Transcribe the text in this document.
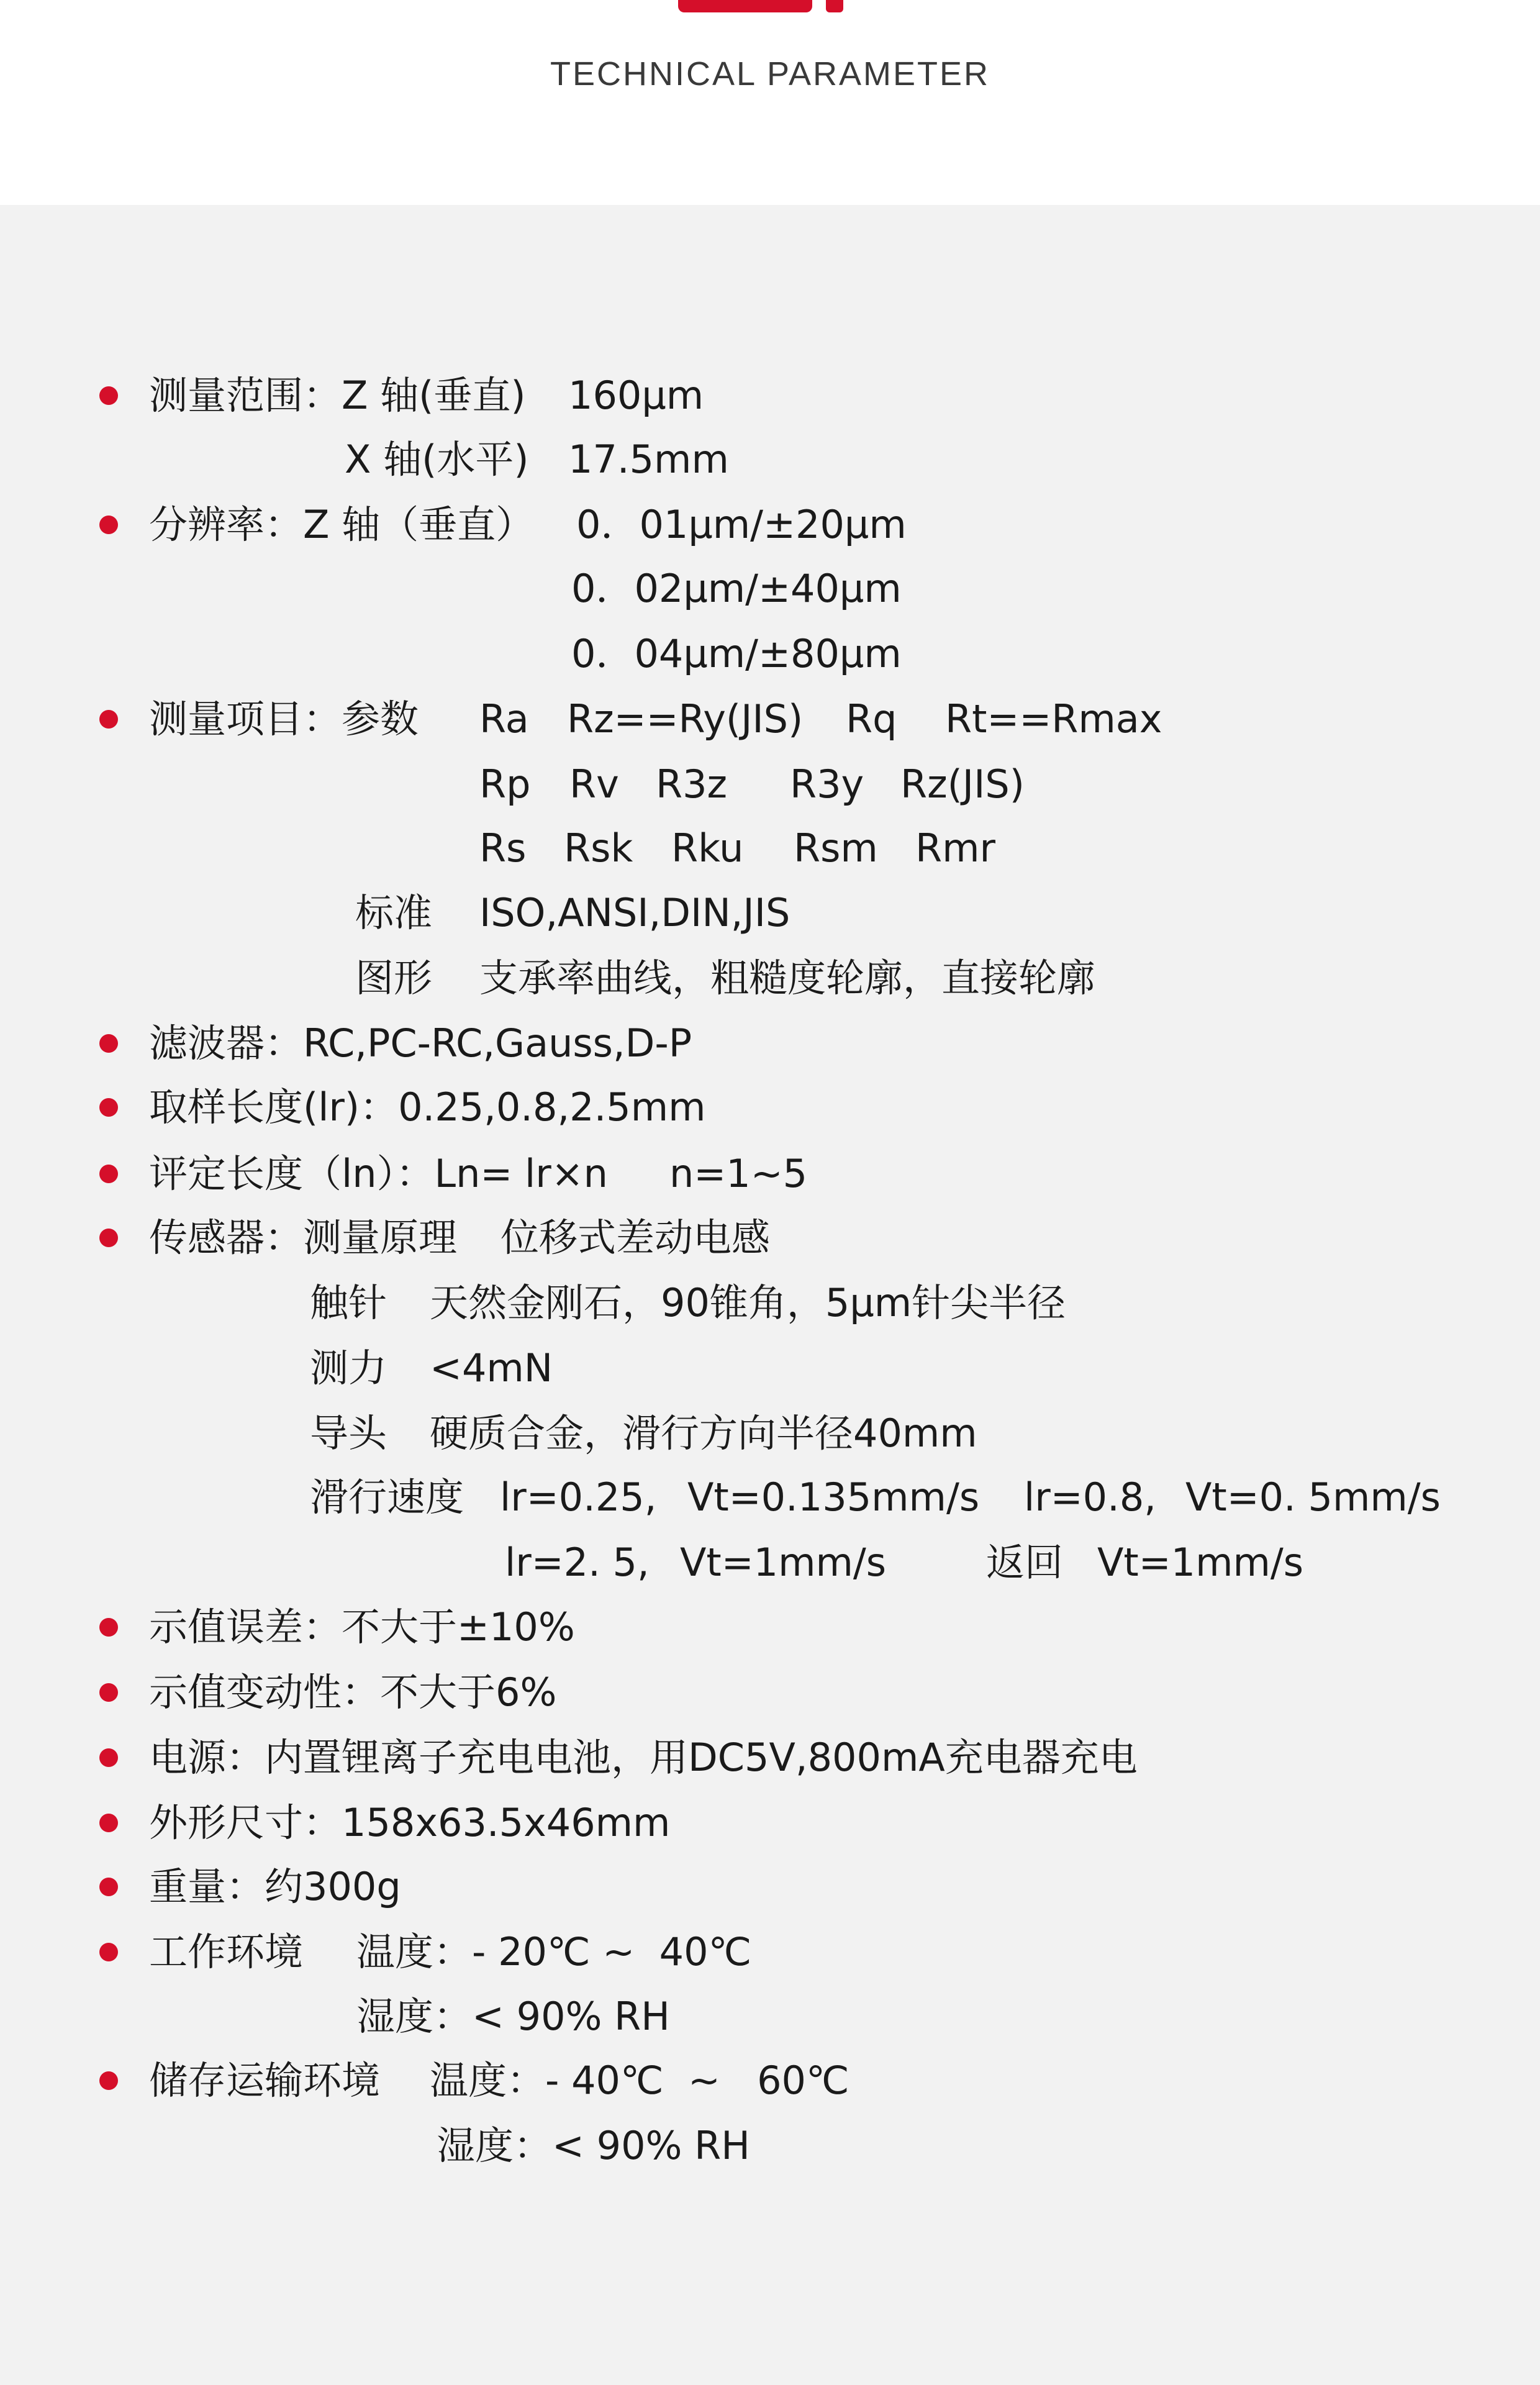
TECHNICAL PARAMETER
测量范围：Z 轴(垂直) 160μm
X 轴(水平) 17.5mm
分辨率：Z 轴（垂直） 0．01μm/±20μm
0．02μm/±40μm
0．04μm/±80μm
测量项目：参数 Ra Rz==Ry(JIS) Rq Rt==Rmax
Rp Rv R3z R3y Rz(JIS)
Rs Rsk Rku Rsm Rmr
标准 ISO,ANSI,DIN,JIS
图形 支承率曲线，粗糙度轮廓，直接轮廓
滤波器：RC,PC-RC,Gauss,D-P
取样长度(lr)：0.25,0.8,2.5mm
评定长度（ln）：Ln= lr×n n=1~5
传感器：测量原理 位移式差动电感
触针 天然金刚石，90锥角，5μm针尖半径
测力 <4mN
导头 硬质合金，滑行方向半径40mm
滑行速度 lr=0.25, Vt=0.135mm/s lr=0.8, Vt=0. 5mm/s
lr=2. 5, Vt=1mm/s	返回 Vt=1mm/s
示值误差：不大于±10%
示值变动性：不大于6%
电源：内置锂离子充电电池，用DC5V,800mA充电器充电
外形尺寸：158x63.5x46mm
重量：约300g
工作环境 温度：- 20℃ ~  40℃
湿度：< 90% RH
储存运输环境 温度：- 40℃  ~   60℃
湿度：< 90% RH
